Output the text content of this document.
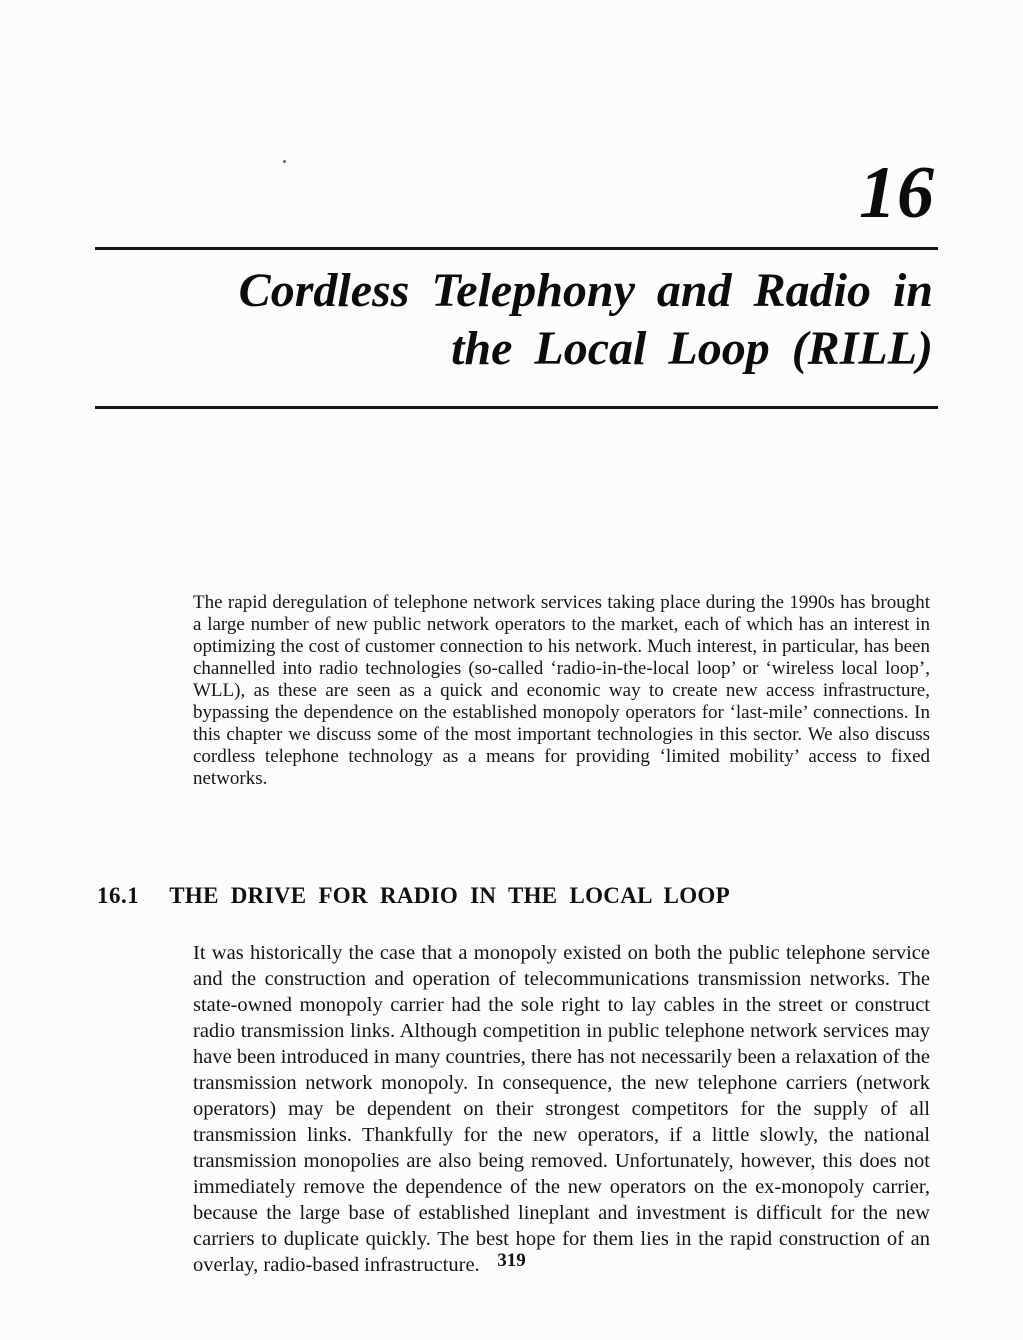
16
Cordless Telephony and Radio in
the Local Loop (RILL)
The rapid deregulation of telephone network services taking place during the 1990s has brought a large number of new public network operators to the market, each of which has an interest in optimizing the cost of customer connection to his network. Much interest, in particular, has been channelled into radio technologies (so-called ‘radio-in-the-local loop’ or ‘wireless local loop’, WLL), as these are seen as a quick and economic way to create new access infrastructure, bypassing the dependence on the established monopoly operators for ‘last-mile’ connections. In this chapter we discuss some of the most important technologies in this sector. We also discuss cordless telephone technology as a means for providing ‘limited mobility’ access to fixed networks.
16.1 THE DRIVE FOR RADIO IN THE LOCAL LOOP
It was historically the case that a monopoly existed on both the public telephone service and the construction and operation of telecommunications transmission networks. The state-owned monopoly carrier had the sole right to lay cables in the street or construct radio transmission links. Although competition in public telephone network services may have been introduced in many countries, there has not necessarily been a relaxation of the transmission network monopoly. In consequence, the new telephone carriers (network operators) may be dependent on their strongest competitors for the supply of all transmission links. Thankfully for the new operators, if a little slowly, the national transmission monopolies are also being removed. Unfortunately, however, this does not immediately remove the dependence of the new operators on the ex-monopoly carrier, because the large base of established lineplant and investment is difficult for the new carriers to duplicate quickly. The best hope for them lies in the rapid construction of an overlay, radio-based infrastructure. 319
